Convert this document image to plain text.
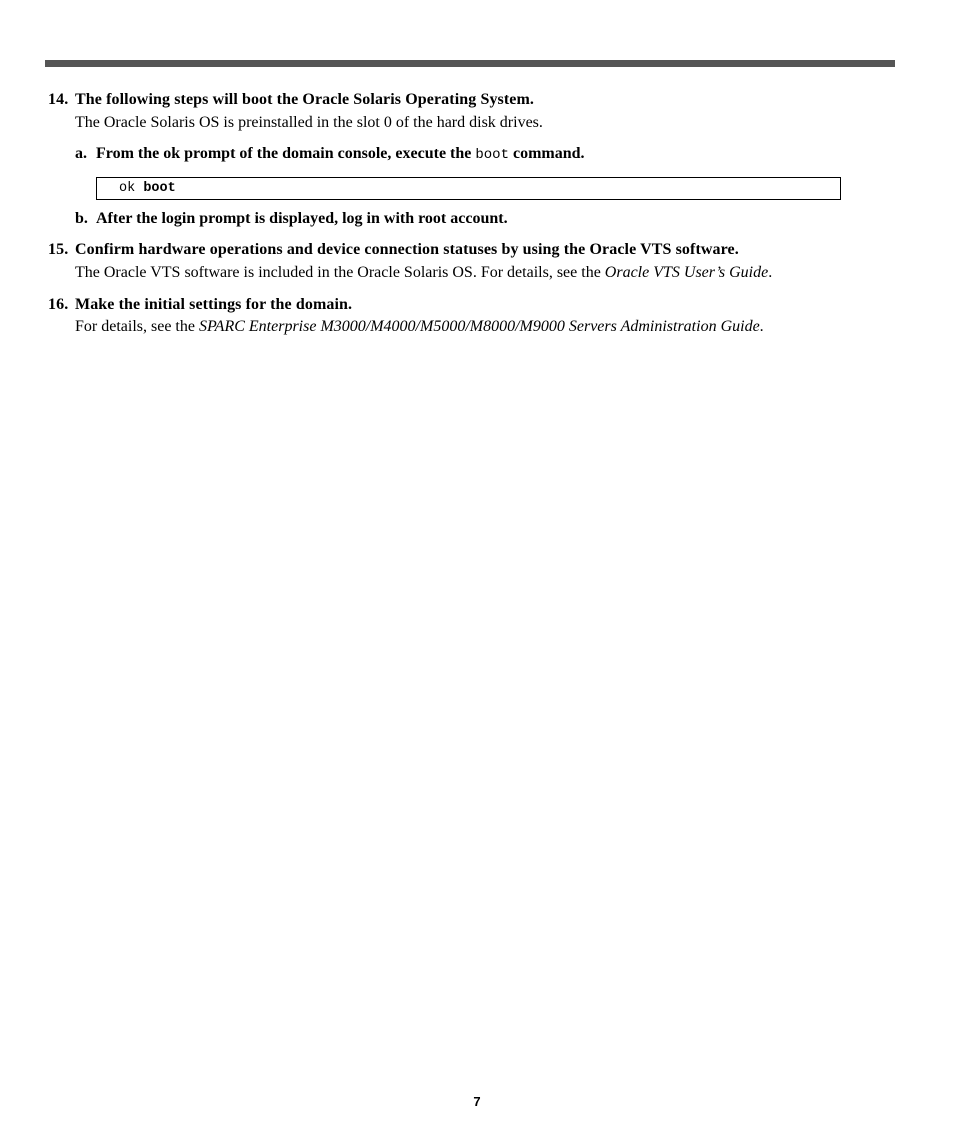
14. The following steps will boot the Oracle Solaris Operating System.
The Oracle Solaris OS is preinstalled in the slot 0 of the hard disk drives.
a. From the ok prompt of the domain console, execute the boot command.
ok boot
b. After the login prompt is displayed, log in with root account.
15. Confirm hardware operations and device connection statuses by using the Oracle VTS software.
The Oracle VTS software is included in the Oracle Solaris OS. For details, see the Oracle VTS User’s Guide.
16. Make the initial settings for the domain.
For details, see the SPARC Enterprise M3000/M4000/M5000/M8000/M9000 Servers Administration Guide.
7
